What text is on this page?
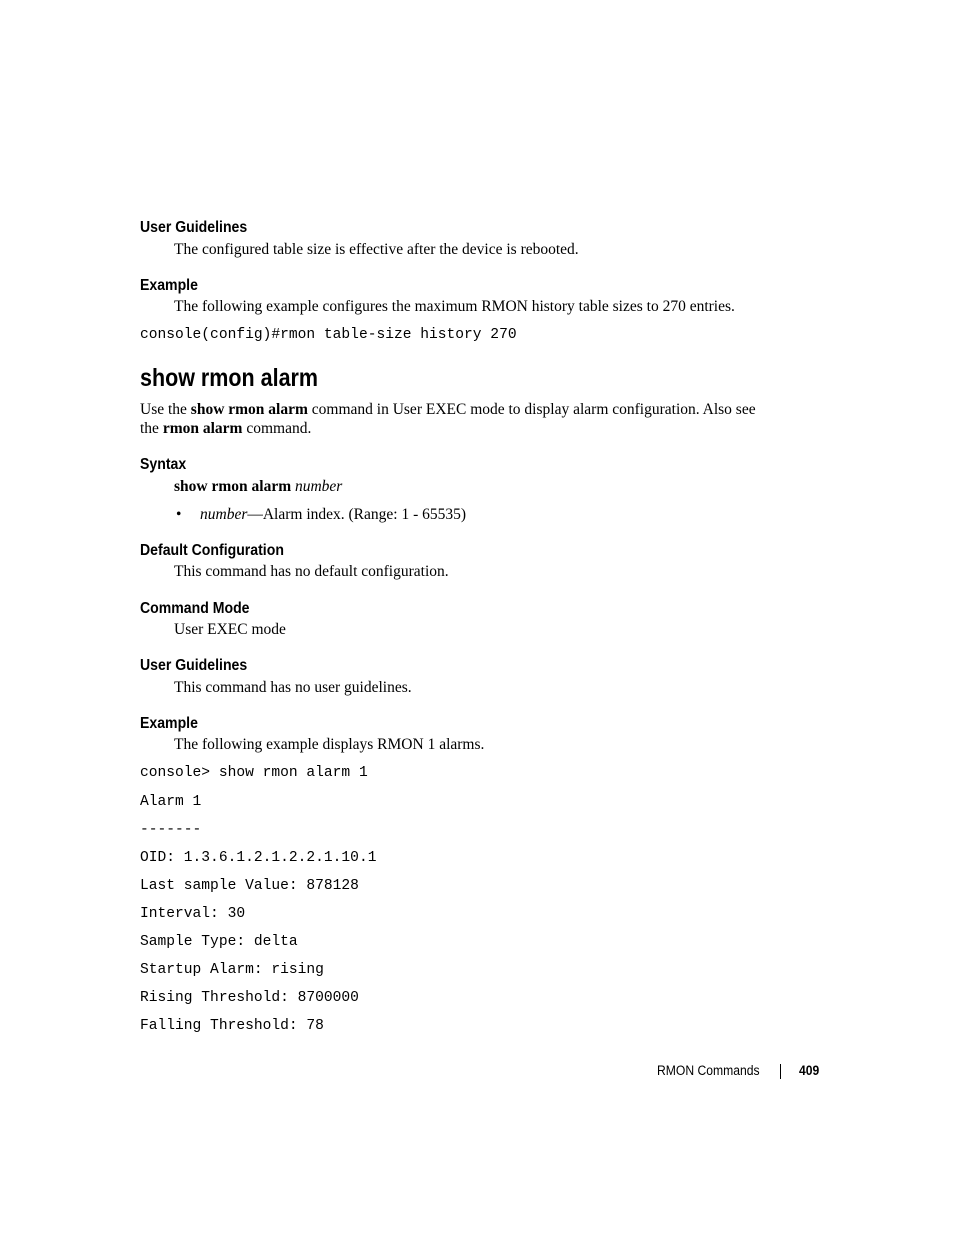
User Guidelines
The configured table size is effective after the device is rebooted.
Example
The following example configures the maximum RMON history table sizes to 270 entries.
console(config)#rmon table-size history 270
show rmon alarm
Use the show rmon alarm command in User EXEC mode to display alarm configuration. Also see
the rmon alarm command.
Syntax
show rmon alarm number
• number—Alarm index. (Range: 1 - 65535)
Default Configuration
This command has no default configuration.
Command Mode
User EXEC mode
User Guidelines
This command has no user guidelines.
Example
The following example displays RMON 1 alarms.
console> show rmon alarm 1
Alarm 1
-------
OID: 1.3.6.1.2.1.2.2.1.10.1
Last sample Value: 878128
Interval: 30
Sample Type: delta
Startup Alarm: rising
Rising Threshold: 8700000
Falling Threshold: 78
RMON Commands	409
